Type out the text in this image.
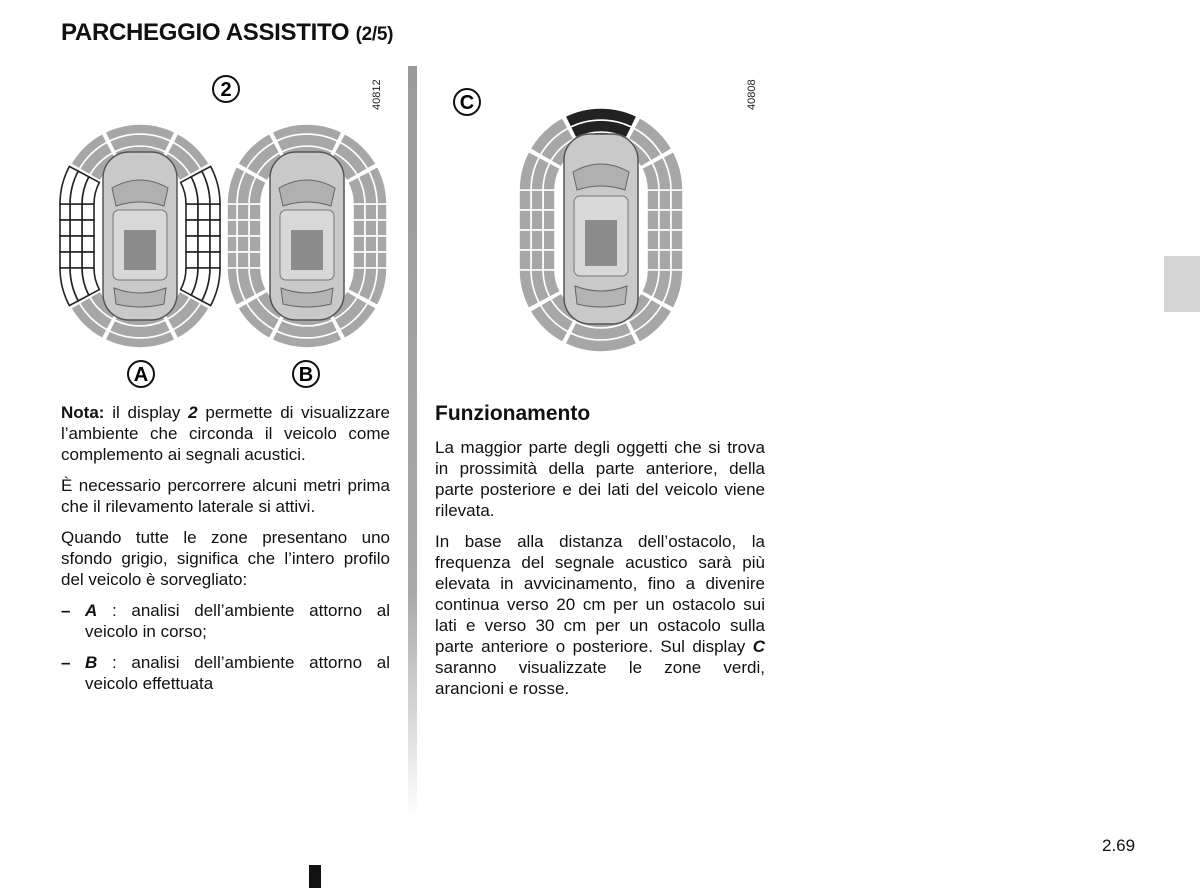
PARCHEGGIO ASSISTITO (2/5)
2
A	B
C
40812	40808

Nota: il display 2 permette di visualizzare l’ambiente che circonda il veicolo come complemento ai segnali acustici.

È necessario percorrere alcuni metri prima che il rilevamento laterale si attivi.

Quando tutte le zone presentano uno sfondo grigio, significa che l’intero profilo del veicolo è sorvegliato:

– A : analisi dell’ambiente attorno al veicolo in corso;
– B : analisi dell’ambiente attorno al veicolo effettuata
Funzionamento

La maggior parte degli oggetti che si trova in prossimità della parte anteriore, della parte posteriore e dei lati del veicolo viene rilevata.

In base alla distanza dell’ostacolo, la frequenza del segnale acustico sarà più elevata in avvicinamento, fino a divenire continua verso 20 cm per un ostacolo sui lati e verso 30 cm per un ostacolo sulla parte anteriore o posteriore. Sul display C saranno visualizzate le zone verdi, arancioni e rosse.

2.69
